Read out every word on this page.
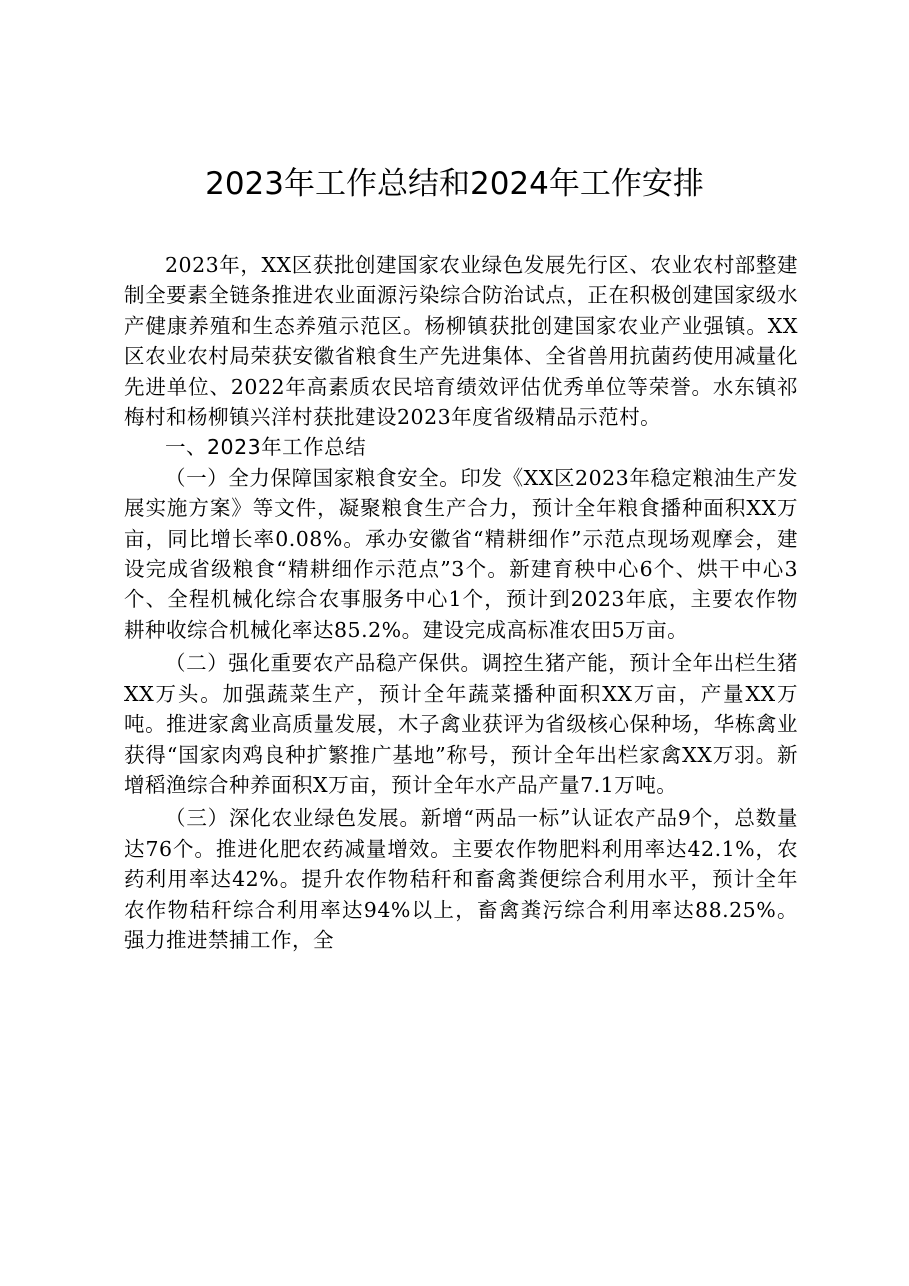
2023年工作总结和2024年工作安排

2023年，XX区获批创建国家农业绿色发展先行区、农业农村部整建制全要素全链条推进农业面源污染综合防治试点，正在积极创建国家级水产健康养殖和生态养殖示范区。杨柳镇获批创建国家农业产业强镇。XX区农业农村局荣获安徽省粮食生产先进集体、全省兽用抗菌药使用减量化先进单位、2022年高素质农民培育绩效评估优秀单位等荣誉。水东镇祁梅村和杨柳镇兴洋村获批建设2023年度省级精品示范村。

一、2023年工作总结

（一）全力保障国家粮食安全。印发《XX区2023年稳定粮油生产发展实施方案》等文件，凝聚粮食生产合力，预计全年粮食播种面积XX万亩，同比增长率0.08%。承办安徽省“精耕细作”示范点现场观摩会，建设完成省级粮食“精耕细作示范点”3个。新建育秧中心6个、烘干中心3个、全程机械化综合农事服务中心1个，预计到2023年底，主要农作物耕种收综合机械化率达85.2%。建设完成高标准农田5万亩。

（二）强化重要农产品稳产保供。调控生猪产能，预计全年出栏生猪XX万头。加强蔬菜生产，预计全年蔬菜播种面积XX万亩，产量XX万吨。推进家禽业高质量发展，木子禽业获评为省级核心保种场，华栋禽业获得“国家肉鸡良种扩繁推广基地”称号，预计全年出栏家禽XX万羽。新增稻渔综合种养面积X万亩，预计全年水产品产量7.1万吨。

（三）深化农业绿色发展。新增“两品一标”认证农产品9个，总数量达76个。推进化肥农药减量增效。主要农作物肥料利用率达42.1%，农药利用率达42%。提升农作物秸秆和畜禽粪便综合利用水平，预计全年农作物秸秆综合利用率达94%以上，畜禽粪污综合利用率达88.25%。强力推进禁捕工作，全
